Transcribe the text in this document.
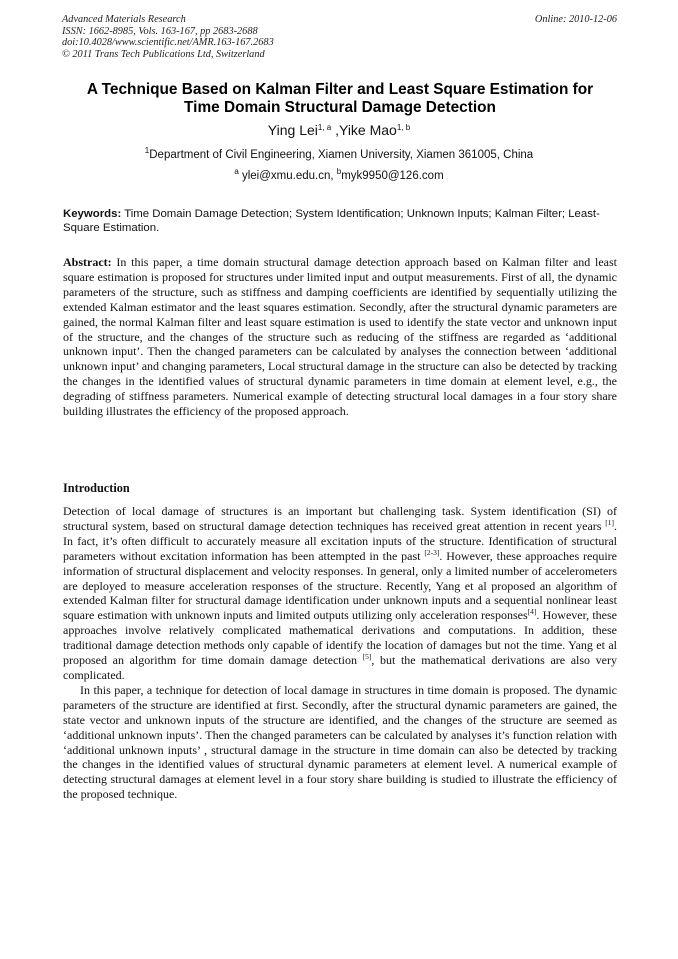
Advanced Materials Research
ISSN: 1662-8985, Vols. 163-167, pp 2683-2688
doi:10.4028/www.scientific.net/AMR.163-167.2683
© 2011 Trans Tech Publications Ltd, Switzerland
Online: 2010-12-06
A Technique Based on Kalman Filter and Least Square Estimation for
Time Domain Structural Damage Detection
Ying Lei$^{1, a}$ ,Yike Mao$^{1, b}$
$^1$Department of Civil Engineering, Xiamen University, Xiamen 361005, China
$^a$ ylei@xmu.edu.cn, $^b$myk9950@126.com
Keywords: Time Domain Damage Detection; System Identification; Unknown Inputs; Kalman Filter; Least-Square Estimation.
Abstract: In this paper, a time domain structural damage detection approach based on Kalman filter and least square estimation is proposed for structures under limited input and output measurements. First of all, the dynamic parameters of the structure, such as stiffness and damping coefficients are identified by sequentially utilizing the extended Kalman estimator and the least squares estimation. Secondly, after the structural dynamic parameters are gained, the normal Kalman filter and least square estimation is used to identify the state vector and unknown input of the structure, and the changes of the structure such as reducing of the stiffness are regarded as ‘additional unknown input’. Then the changed parameters can be calculated by analyses the connection between ‘additional unknown input’ and changing parameters, Local structural damage in the structure can also be detected by tracking the changes in the identified values of structural dynamic parameters in time domain at element level, e.g., the degrading of stiffness parameters. Numerical example of detecting structural local damages in a four story share building illustrates the efficiency of the proposed approach.
Introduction

Detection of local damage of structures is an important but challenging task. System identification (SI) of structural system, based on structural damage detection techniques has received great attention in recent years [1]. In fact, it’s often difficult to accurately measure all excitation inputs of the structure. Identification of structural parameters without excitation information has been attempted in the past [2-3]. However, these approaches require information of structural displacement and velocity responses. In general, only a limited number of accelerometers are deployed to measure acceleration responses of the structure. Recently, Yang et al proposed an algorithm of extended Kalman filter for structural damage identification under unknown inputs and a sequential nonlinear least square estimation with unknown inputs and limited outputs utilizing only acceleration responses[4]. However, these approaches involve relatively complicated mathematical derivations and computations. In addition, these traditional damage detection methods only capable of identify the location of damages but not the time. Yang et al proposed an algorithm for time domain damage detection [5], but the mathematical derivations are also very complicated.

In this paper, a technique for detection of local damage in structures in time domain is proposed. The dynamic parameters of the structure are identified at first. Secondly, after the structural dynamic parameters are gained, the state vector and unknown inputs of the structure are identified, and the changes of the structure are seemed as ‘additional unknown inputs’. Then the changed parameters can be calculated by analyses it’s function relation with ‘additional unknown inputs’ , structural damage in the structure in time domain can also be detected by tracking the changes in the identified values of structural dynamic parameters at element level. A numerical example of detecting structural damages at element level in a four story share building is studied to illustrate the efficiency of the proposed technique.
